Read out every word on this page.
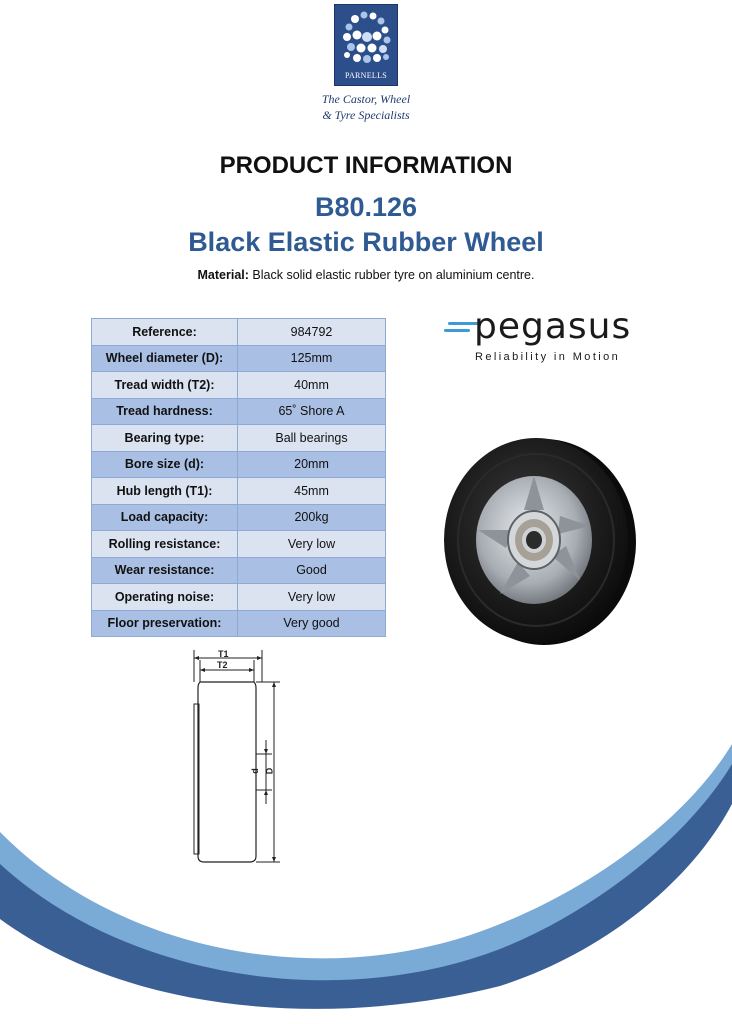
PARNELLS
The Castor, Wheel
& Tyre Specialists
PRODUCT INFORMATION
B80.126
Black Elastic Rubber Wheel
Material: Black solid elastic rubber tyre on aluminium centre.
Reference:	984792
Wheel diameter (D):	125mm
Tread width (T2):	40mm
Tread hardness:	65˚ Shore A
Bearing type:	Ball bearings
Bore size (d):	20mm
Hub length (T1):	45mm
Load capacity:	200kg
Rolling resistance:	Very low
Wear resistance:	Good
Operating noise:	Very low
Floor preservation:	Very good
pegasus
Reliability in Motion
T1
T2
d D
